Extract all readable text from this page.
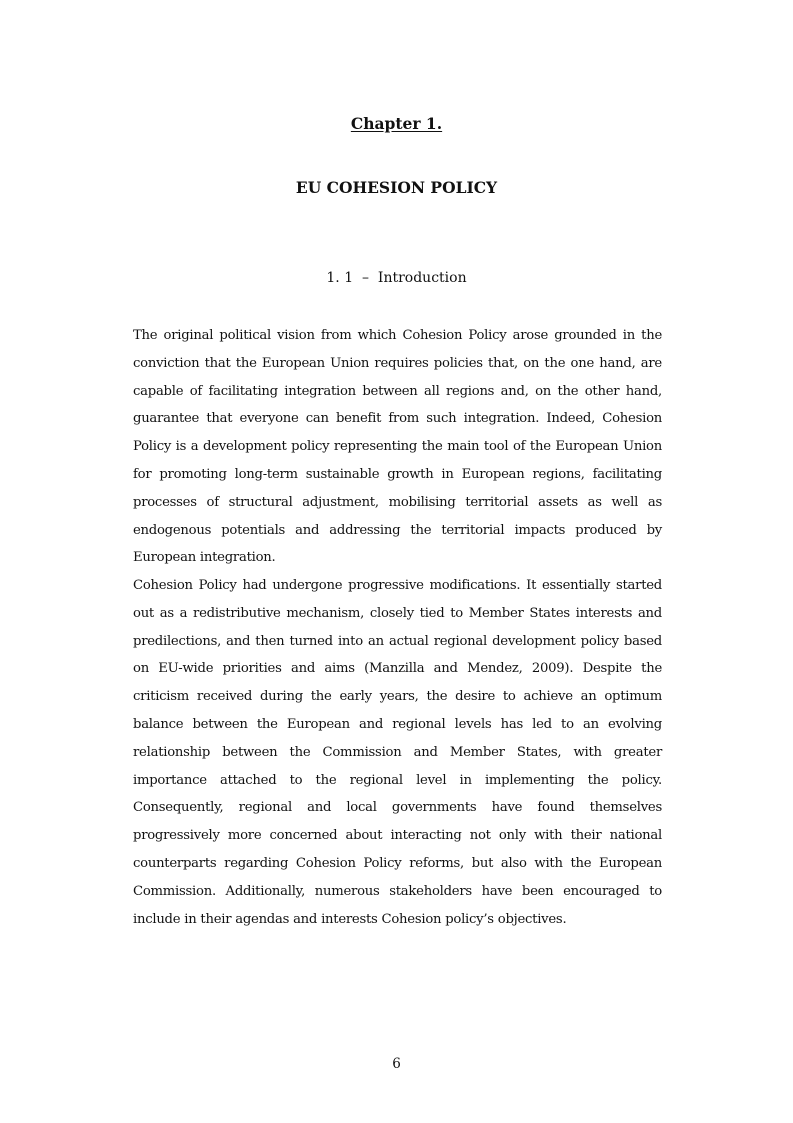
Chapter 1.
EU COHESION POLICY
1. 1 – Introduction

The original political vision from which Cohesion Policy arose grounded in the conviction that the European Union requires policies that, on the one hand, are capable of facilitating integration between all regions and, on the other hand, guarantee that everyone can benefit from such integration. Indeed, Cohesion Policy is a development policy representing the main tool of the European Union for promoting long-term sustainable growth in European regions, facilitating processes of structural adjustment, mobilising territorial assets as well as endogenous potentials and addressing the territorial impacts produced by European integration.

Cohesion Policy had undergone progressive modifications. It essentially started out as a redistributive mechanism, closely tied to Member States interests and predilections, and then turned into an actual regional development policy based on EU-wide priorities and aims (Manzilla and Mendez, 2009). Despite the criticism received during the early years, the desire to achieve an optimum balance between the European and regional levels has led to an evolving relationship between the Commission and Member States, with greater importance attached to the regional level in implementing the policy. Consequently, regional and local governments have found themselves progressively more concerned about interacting not only with their national counterparts regarding Cohesion Policy reforms, but also with the European Commission. Additionally, numerous stakeholders have been encouraged to include in their agendas and interests Cohesion policy’s objectives.

6
